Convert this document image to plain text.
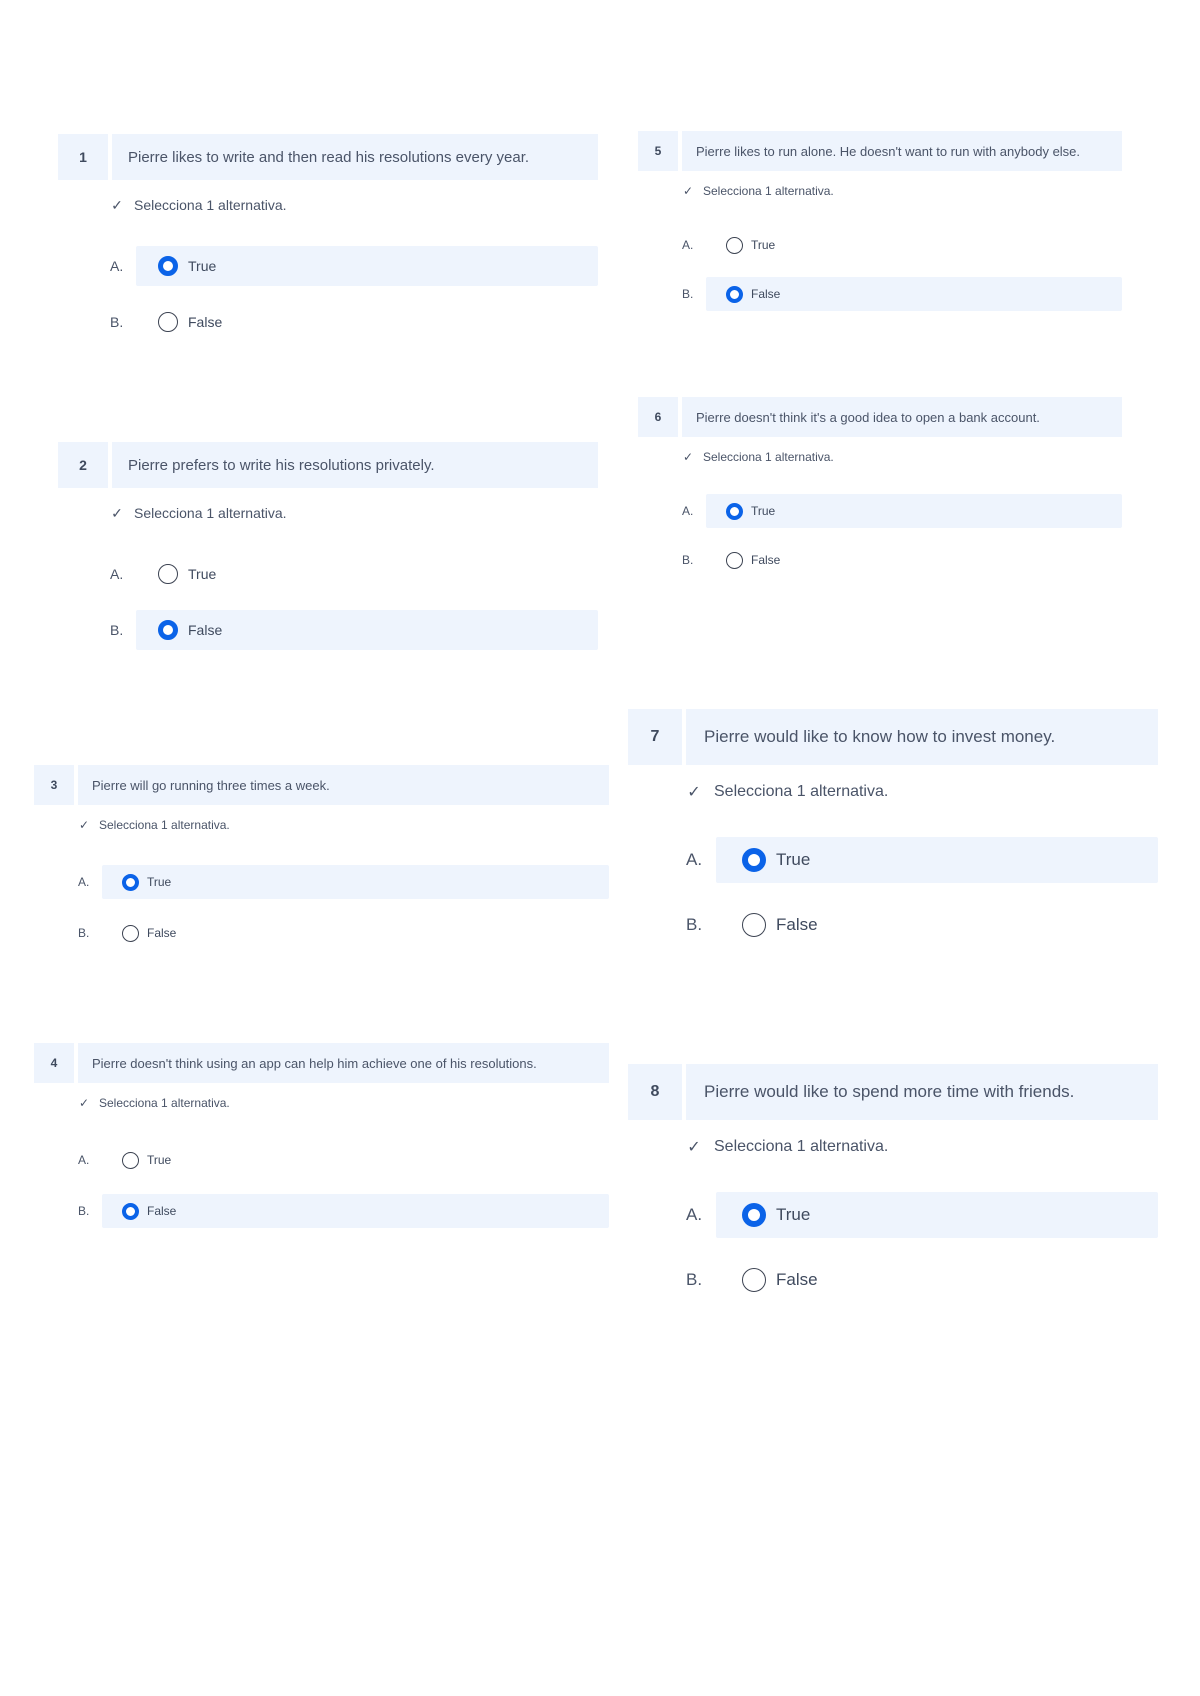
1	Pierre likes to write and then read his resolutions every year.
✓ Selecciona 1 alternativa.
A.	True
B.	False
2	Pierre prefers to write his resolutions privately.
✓ Selecciona 1 alternativa.
A.	True
B.	False
3	Pierre will go running three times a week.
✓ Selecciona 1 alternativa.
A.	True
B.	False
4	Pierre doesn't think using an app can help him achieve one of his resolutions.
✓ Selecciona 1 alternativa.
A.	True
B.	False
5	Pierre likes to run alone. He doesn't want to run with anybody else.
✓ Selecciona 1 alternativa.
A.	True
B.	False
6	Pierre doesn't think it's a good idea to open a bank account.
✓ Selecciona 1 alternativa.
A.	True
B.	False
7	Pierre would like to know how to invest money.
✓ Selecciona 1 alternativa.
A.	True
B.	False
8	Pierre would like to spend more time with friends.
✓ Selecciona 1 alternativa.
A.	True
B.	False
